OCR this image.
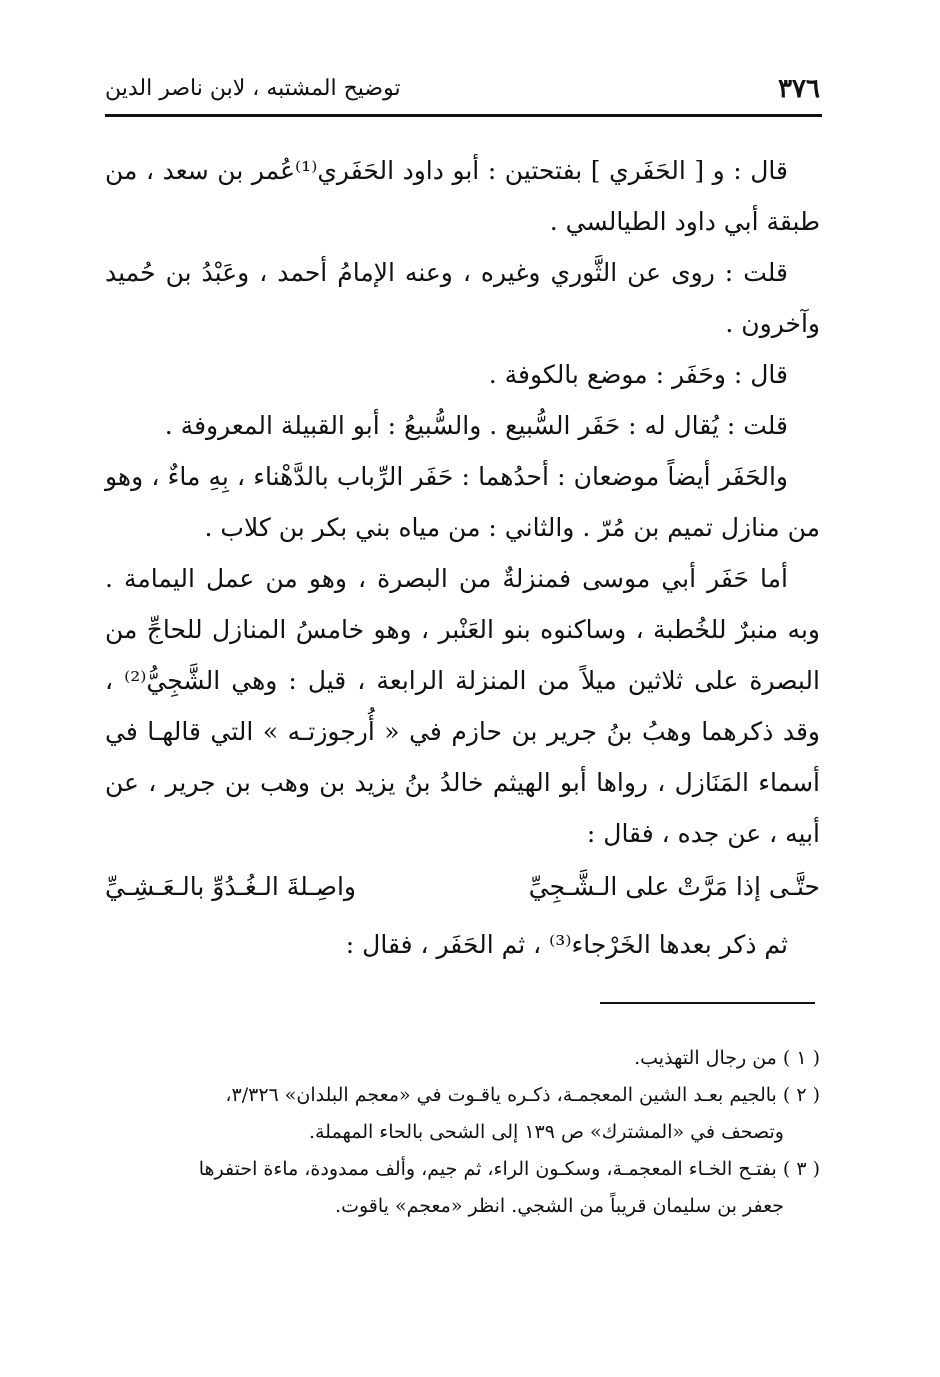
٣٧٦
توضيح المشتبه ، لابن ناصر الدين

قال : و [ الحَفَري ] بفتحتين : أبو داود الحَفَري⁽¹⁾عُمر بن سعد ، من طبقة أبي داود الطيالسي .

قلت : روى عن الثَّوري وغيره ، وعنه الإمامُ أحمد ، وعَبْدُ بن حُميد وآخرون .

قال : وحَفَر : موضع بالكوفة .

قلت : يُقال له : حَفَر السُّبيع . والسُّبيعُ : أبو القبيلة المعروفة .

والحَفَر أيضاً موضعان : أحدُهما : حَفَر الرِّباب بالدَّهْناء ، بِهِ ماءٌ ، وهو من منازل تميم بن مُرّ . والثاني : من مياه بني بكر بن كلاب .

أما حَفَر أبي موسى فمنزلةٌ من البصرة ، وهو من عمل اليمامة . وبه منبرٌ للخُطبة ، وساكنوه بنو العَنْبر ، وهو خامسُ المنازل للحاجِّ من البصرة على ثلاثين ميلاً من المنزلة الرابعة ، قيل : وهي الشَّجِيُّ⁽²⁾ ، وقد ذكرهما وهبُ بنُ جرير بن حازم في « أُرجوزتـه » التي قالهـا في أسماء المَنَازل ، رواها أبو الهيثم خالدُ بنُ يزيد بن وهب بن جرير ، عن أبيه ، عن جده ، فقال :

حتَّـى إذا مَرَّتْ على الـشَّـجِيِّ
واصِـلةَ الـغُـدُوِّ بالـعَـشِـيِّ
ثم ذكر بعدها الخَرْجاء⁽³⁾ ، ثم الحَفَر ، فقال :

( ١ ) من رجال التهذيب.

( ٢ ) بالجيم بعـد الشين المعجمـة، ذكـره ياقـوت في «معجم البلدان» ٣/٣٢٦،

وتصحف في «المشترك» ص ١٣٩ إلى الشحى بالحاء المهملة.

( ٣ ) بفتـح الخـاء المعجمـة، وسكـون الراء، ثم جيم، وألف ممدودة، ماءة احتفرها

جعفر بن سليمان قريباً من الشجي. انظر «معجم» ياقوت.
